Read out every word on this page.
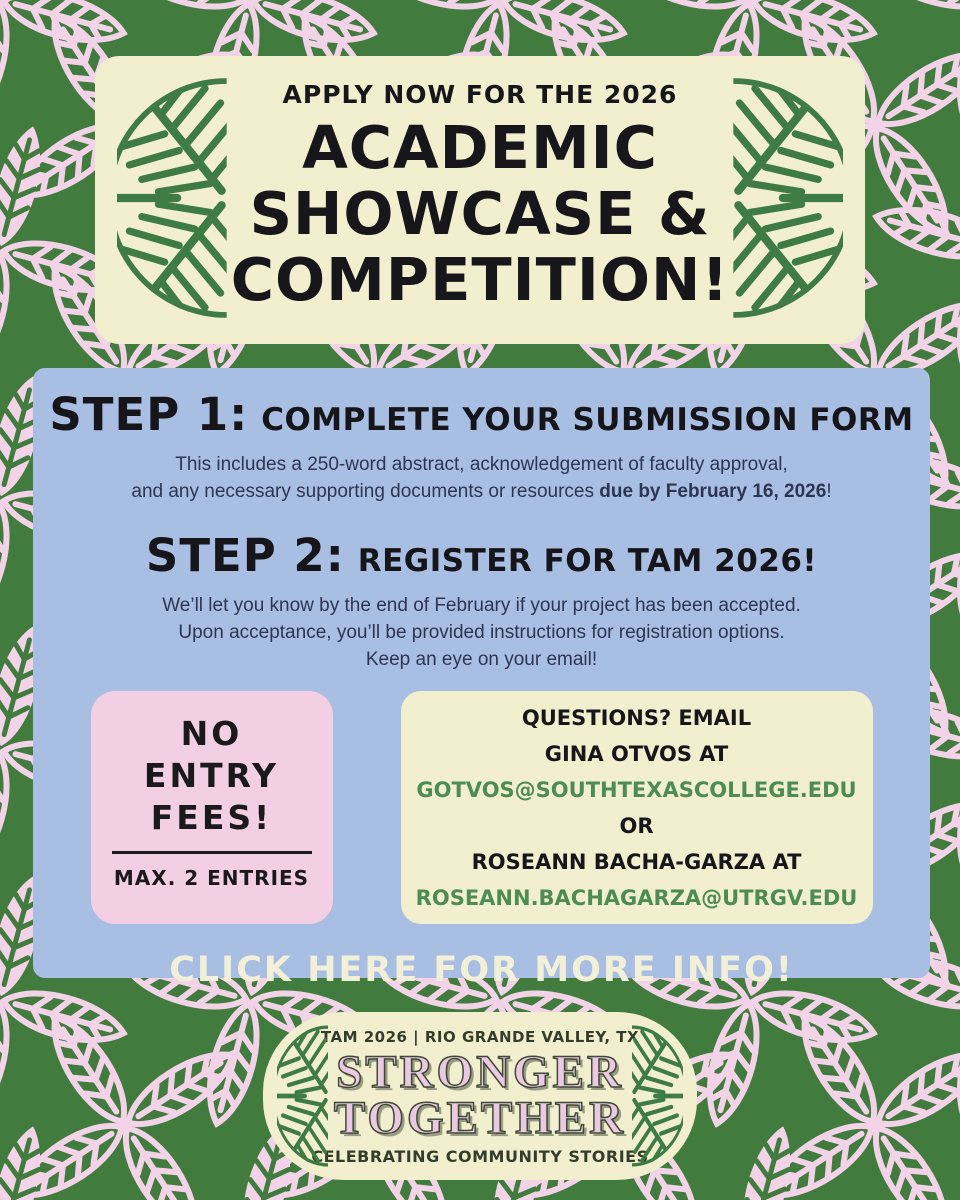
APPLY NOW FOR THE 2026
ACADEMIC
SHOWCASE &
COMPETITION!
STEP 1: COMPLETE YOUR SUBMISSION FORM

This includes a 250-word abstract, acknowledgement of faculty approval,
and any necessary supporting documents or resources due by February 16, 2026!

STEP 2: REGISTER FOR TAM 2026!

We’ll let you know by the end of February if your project has been accepted.
Upon acceptance, you’ll be provided instructions for registration options.
Keep an eye on your email!

NO
ENTRY
FEES!
MAX. 2 ENTRIES
QUESTIONS? EMAIL
GINA OTVOS AT
GOTVOS@SOUTHTEXASCOLLEGE.EDU
OR
ROSEANN BACHA-GARZA AT
ROSEANN.BACHAGARZA@UTRGV.EDU
CLICK HERE FOR MORE INFO!
TAM 2026 | RIO GRANDE VALLEY, TX
STRONGER
TOGETHER
CELEBRATING COMMUNITY STORIES
